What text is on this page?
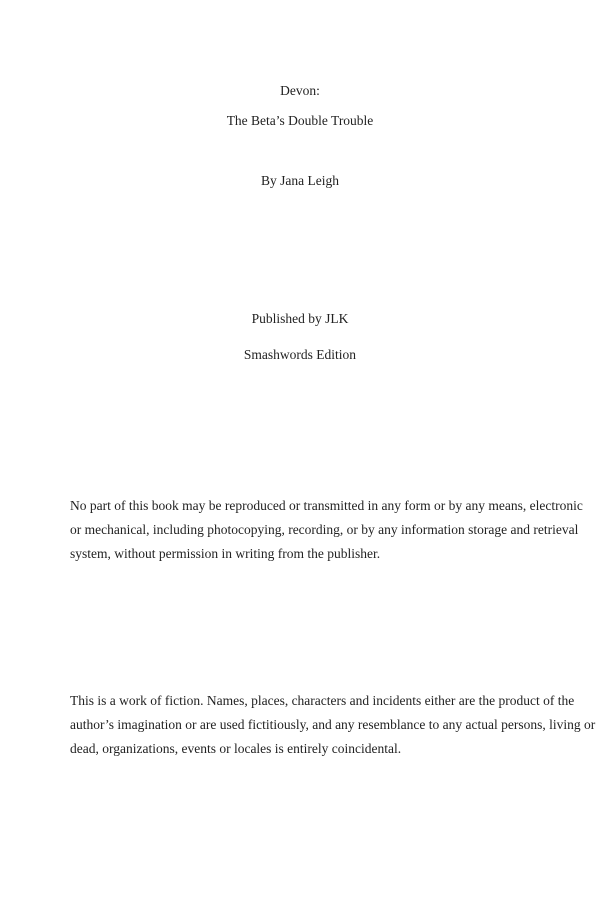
Devon:
The Beta’s Double Trouble
By Jana Leigh
Published by JLK
Smashwords Edition
No part of this book may be reproduced or transmitted in any form or by any means, electronic
or mechanical, including photocopying, recording, or by any information storage and retrieval
system, without permission in writing from the publisher.
This is a work of fiction. Names, places, characters and incidents either are the product of the
author’s imagination or are used fictitiously, and any resemblance to any actual persons, living or
dead, organizations, events or locales is entirely coincidental.
